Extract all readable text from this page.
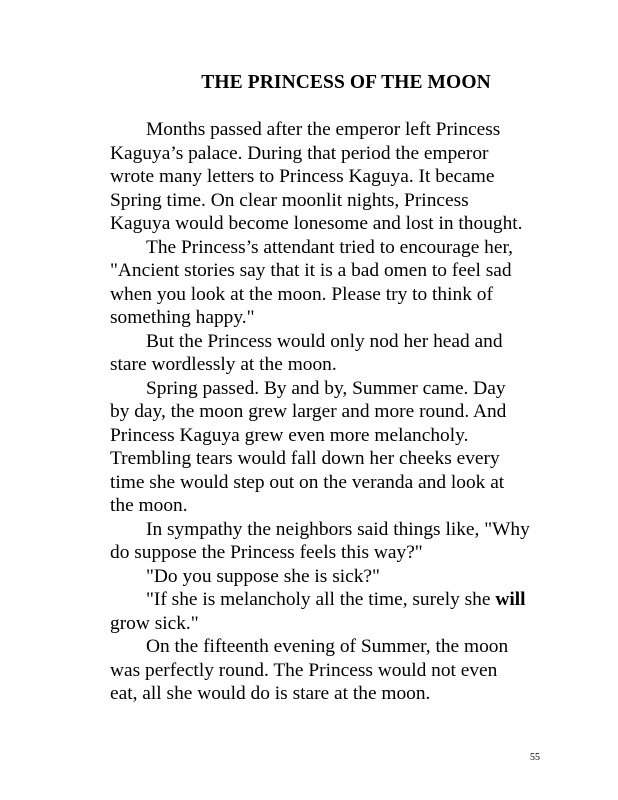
THE PRINCESS OF THE MOON
Months passed after the emperor left Princess
Kaguya’s palace. During that period the emperor
wrote many letters to Princess Kaguya. It became
Spring time. On clear moonlit nights, Princess
Kaguya would become lonesome and lost in thought.
The Princess’s attendant tried to encourage her,
"Ancient stories say that it is a bad omen to feel sad
when you look at the moon. Please try to think of
something happy."
But the Princess would only nod her head and
stare wordlessly at the moon.
Spring passed. By and by, Summer came. Day
by day, the moon grew larger and more round. And
Princess Kaguya grew even more melancholy.
Trembling tears would fall down her cheeks every
time she would step out on the veranda and look at
the moon.
In sympathy the neighbors said things like, "Why
do suppose the Princess feels this way?"
"Do you suppose she is sick?"
"If she is melancholy all the time, surely she will
grow sick."
On the fifteenth evening of Summer, the moon
was perfectly round. The Princess would not even
eat, all she would do is stare at the moon.
55
